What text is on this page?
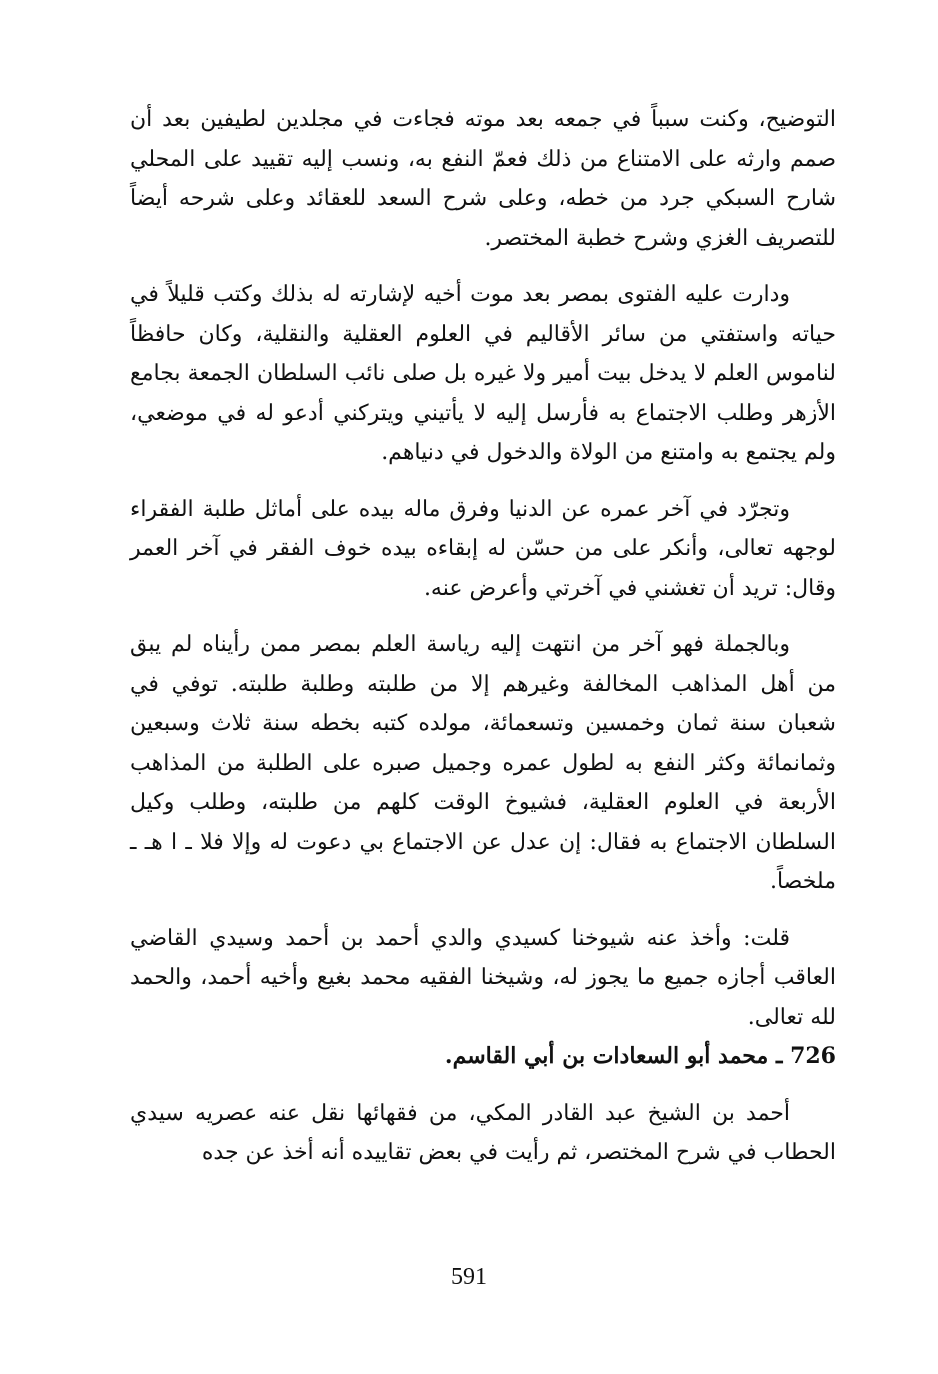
التوضيح، وكنت سبباً في جمعه بعد موته فجاءت في مجلدين لطيفين بعد أن صمم وارثه على الامتناع من ذلك فعمّ النفع به، ونسب إليه تقييد على المحلي شارح السبكي جرد من خطه، وعلى شرح السعد للعقائد وعلى شرحه أيضاً للتصريف الغزي وشرح خطبة المختصر.

ودارت عليه الفتوى بمصر بعد موت أخيه لإشارته له بذلك وكتب قليلاً في حياته واستفتي من سائر الأقاليم في العلوم العقلية والنقلية، وكان حافظاً لناموس العلم لا يدخل بيت أمير ولا غيره بل صلى نائب السلطان الجمعة بجامع الأزهر وطلب الاجتماع به فأرسل إليه لا يأتيني ويتركني أدعو له في موضعي، ولم يجتمع به وامتنع من الولاة والدخول في دنياهم.

وتجرّد في آخر عمره عن الدنيا وفرق ماله بيده على أماثل طلبة الفقراء لوجهه تعالى، وأنكر على من حسّن له إبقاءه بيده خوف الفقر في آخر العمر وقال: تريد أن تغشني في آخرتي وأعرض عنه.

وبالجملة فهو آخر من انتهت إليه رياسة العلم بمصر ممن رأيناه لم يبق من أهل المذاهب المخالفة وغيرهم إلا من طلبته وطلبة طلبته. توفي في شعبان سنة ثمان وخمسين وتسعمائة، مولده كتبه بخطه سنة ثلاث وسبعين وثمانمائة وكثر النفع به لطول عمره وجميل صبره على الطلبة من المذاهب الأربعة في العلوم العقلية، فشيوخ الوقت كلهم من طلبته، وطلب وكيل السلطان الاجتماع به فقال: إن عدل عن الاجتماع بي دعوت له وإلا فلا ـ ا هـ ـ ملخصاً.

قلت: وأخذ عنه شيوخنا كسيدي والدي أحمد بن أحمد وسيدي القاضي العاقب أجازه جميع ما يجوز له، وشيخنا الفقيه محمد بغيع وأخيه أحمد، والحمد لله تعالى.

726 ـ محمد أبو السعادات بن أبي القاسم.

أحمد بن الشيخ عبد القادر المكي، من فقهائها نقل عنه عصريه سيدي الحطاب في شرح المختصر، ثم رأيت في بعض تقاييده أنه أخذ عن جده

591
